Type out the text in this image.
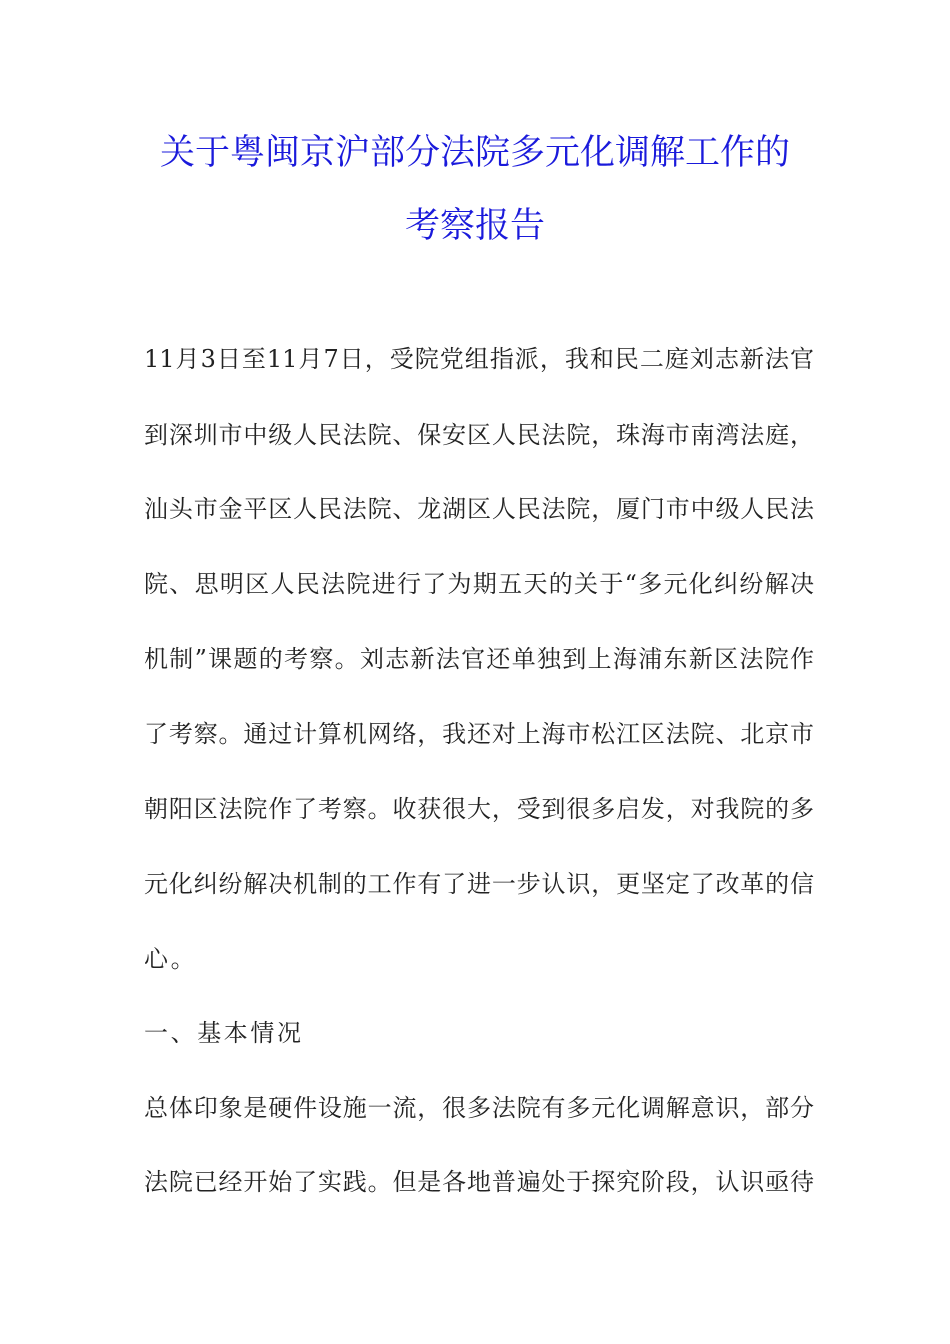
关于粤闽京沪部分法院多元化调解工作的
考察报告
11月3日至11月7日，受院党组指派，我和民二庭刘志新法官
到深圳市中级人民法院、保安区人民法院，珠海市南湾法庭，
汕头市金平区人民法院、龙湖区人民法院，厦门市中级人民法
院、思明区人民法院进行了为期五天的关于“多元化纠纷解决
机制”课题的考察。刘志新法官还单独到上海浦东新区法院作
了考察。通过计算机网络，我还对上海市松江区法院、北京市
朝阳区法院作了考察。收获很大，受到很多启发，对我院的多
元化纠纷解决机制的工作有了进一步认识，更坚定了改革的信
心。
一、基本情况
总体印象是硬件设施一流，很多法院有多元化调解意识，部分
法院已经开始了实践。但是各地普遍处于探究阶段，认识亟待
